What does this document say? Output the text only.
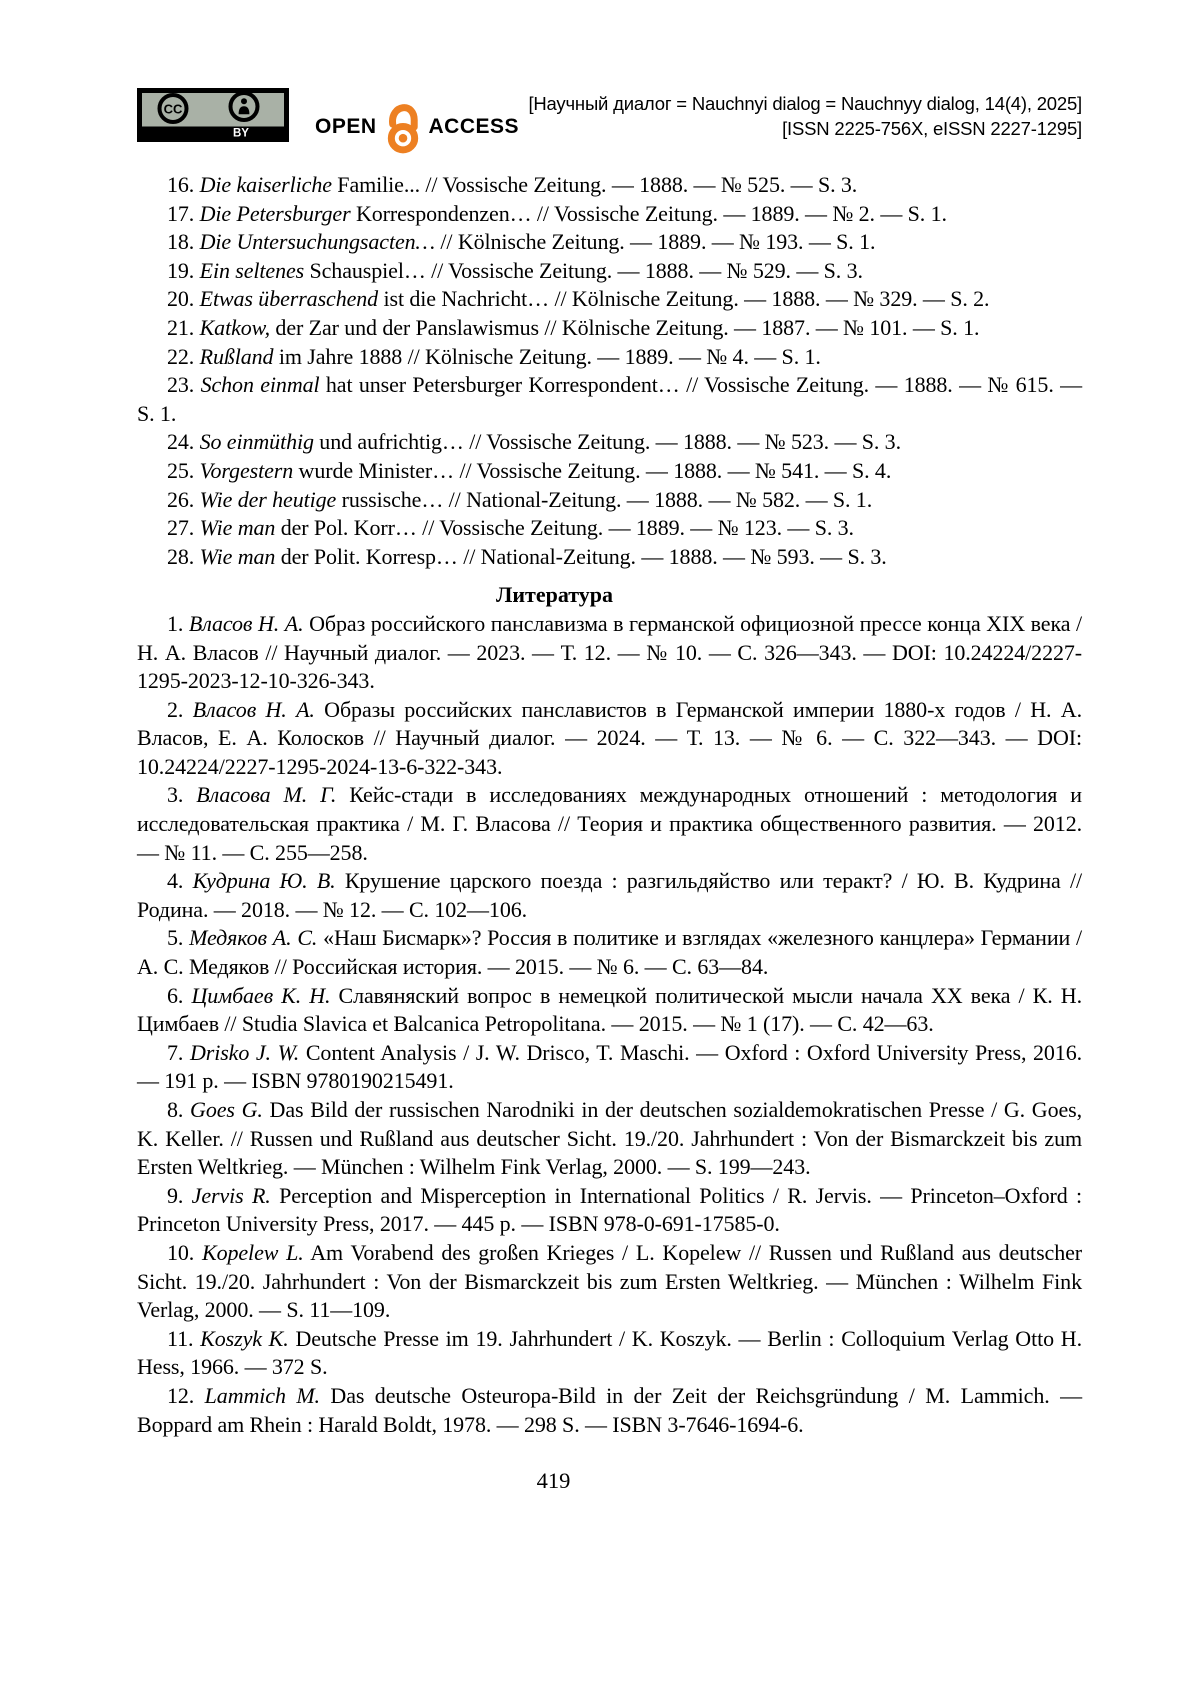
CC
BY	OPEN ACCESS
[Научный диалог = Nauchnyi dialog = Nauchnyy dialog, 14(4), 2025]
[ISSN 2225-756X, eISSN 2227-1295]

16. Die kaiserliche Familie... // Vossische Zeitung. — 1888. — № 525. — S. 3.

17. Die Petersburger Korrespondenzen… // Vossische Zeitung. — 1889. — № 2. — S. 1.

18. Die Untersuchungsacten… // Kölnische Zeitung. — 1889. — № 193. — S. 1.

19. Ein seltenes Schauspiel… // Vossische Zeitung. — 1888. — № 529. — S. 3.

20. Etwas überraschend ist die Nachricht… // Kölnische Zeitung. — 1888. — № 329. — S. 2.

21. Katkow, der Zar und der Panslawismus // Kölnische Zeitung. — 1887. — № 101. — S. 1.

22. Rußland im Jahre 1888 // Kölnische Zeitung. — 1889. — № 4. — S. 1.

23. Schon einmal hat unser Petersburger Korrespondent… // Vossische Zeitung. — 1888. — № 615. — S. 1.

24. So einmüthig und aufrichtig… // Vossische Zeitung. — 1888. — № 523. — S. 3.

25. Vorgestern wurde Minister… // Vossische Zeitung. — 1888. — № 541. — S. 4.

26. Wie der heutige russische… // National-Zeitung. — 1888. — № 582. — S. 1.

27. Wie man der Pol. Korr… // Vossische Zeitung. — 1889. — № 123. — S. 3.

28. Wie man der Polit. Korresp… // National-Zeitung. — 1888. — № 593. — S. 3.

Литература

1. Власов Н. А. Образ российского панславизма в германской официозной прессе конца XIX века / Н. А. Власов // Научный диалог. — 2023. — Т. 12. — № 10. — С. 326—343. — DOI: 10.24224/2227-1295-2023-12-10-326-343.

2. Власов Н. А. Образы российских панславистов в Германской империи 1880-х годов / Н. А. Власов, Е. А. Колосков // Научный диалог. — 2024. — Т. 13. — № 6. — С. 322—343. — DOI: 10.24224/2227-1295-2024-13-6-322-343.

3. Власова М. Г. Кейс-стади в исследованиях международных отношений : методология и исследовательская практика / М. Г. Власова // Теория и практика общественного развития. — 2012. — № 11. — С. 255—258.

4. Кудрина Ю. В. Крушение царского поезда : разгильдяйство или теракт? / Ю. В. Кудрина // Родина. — 2018. — № 12. — С. 102—106.

5. Медяков А. С. «Наш Бисмарк»? Россия в политике и взглядах «железного канцлера» Германии / А. С. Медяков // Российская история. — 2015. — № 6. — С. 63—84.

6. Цимбаев К. Н. Славяняский вопрос в немецкой политической мысли начала XX века / К. Н. Цимбаев // Studia Slavica et Balcanica Petropolitana. — 2015. — № 1 (17). — С. 42—63.

7. Drisko J. W. Content Analysis / J. W. Drisco, T. Maschi. — Oxford : Oxford University Press, 2016. — 191 p. — ISBN 9780190215491.

8. Goes G. Das Bild der russischen Narodniki in der deutschen sozialdemokratischen Presse / G. Goes, K. Keller. // Russen und Rußland aus deutscher Sicht. 19./20. Jahrhundert : Von der Bismarckzeit bis zum Ersten Weltkrieg. — München : Wilhelm Fink Verlag, 2000. — S. 199—243.

9. Jervis R. Perception and Misperception in International Politics / R. Jervis. — Princeton–Oxford : Princeton University Press, 2017. — 445 p. — ISBN 978-0-691-17585-0.

10. Kopelew L. Am Vorabend des großen Krieges / L. Kopelew // Russen und Rußland aus deutscher Sicht. 19./20. Jahrhundert : Von der Bismarckzeit bis zum Ersten Weltkrieg. — München : Wilhelm Fink Verlag, 2000. — S. 11—109.

11. Koszyk K. Deutsche Presse im 19. Jahrhundert / K. Koszyk. — Berlin : Colloquium Verlag Otto H. Hess, 1966. — 372 S.

12. Lammich M. Das deutsche Osteuropa-Bild in der Zeit der Reichsgründung / M. Lammich. — Boppard am Rhein : Harald Boldt, 1978. — 298 S. — ISBN 3-7646-1694-6.

419
